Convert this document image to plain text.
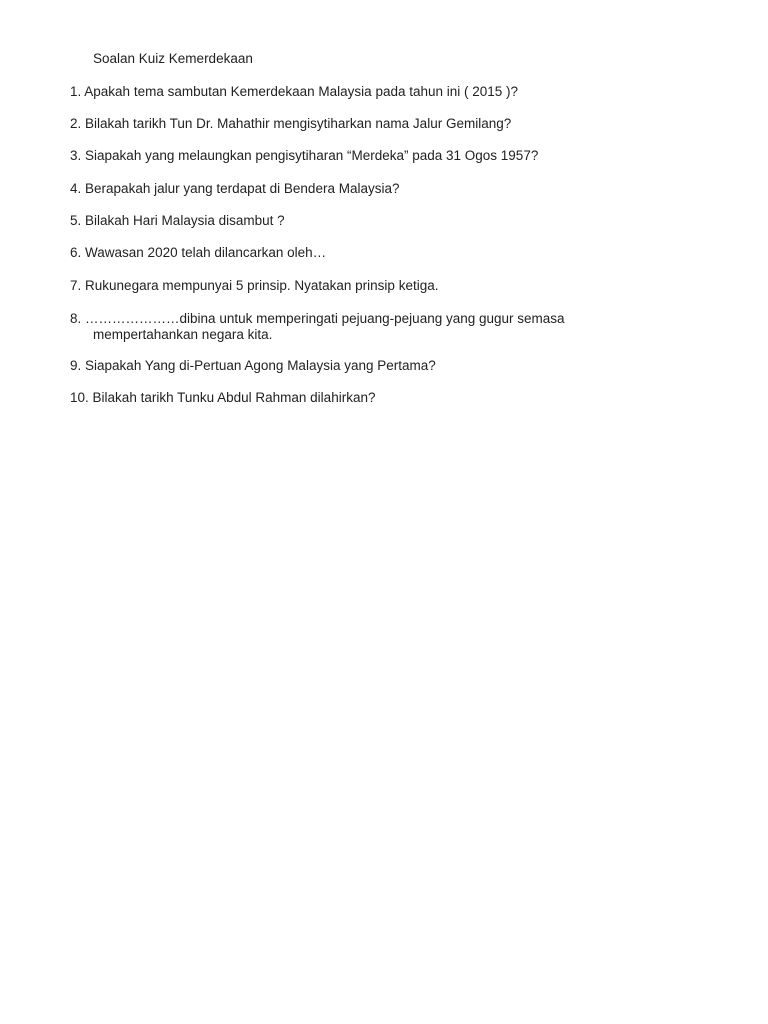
Soalan Kuiz Kemerdekaan
1. Apakah tema sambutan Kemerdekaan Malaysia pada tahun ini ( 2015 )?
2. Bilakah tarikh Tun Dr. Mahathir mengisytiharkan nama Jalur Gemilang?
3. Siapakah yang melaungkan pengisytiharan “Merdeka” pada 31 Ogos 1957?
4. Berapakah jalur yang terdapat di Bendera Malaysia?
5. Bilakah Hari Malaysia disambut ?
6. Wawasan 2020 telah dilancarkan oleh…
7. Rukunegara mempunyai 5 prinsip. Nyatakan prinsip ketiga.
8. …………………dibina untuk memperingati pejuang-pejuang yang gugur semasa
mempertahankan negara kita.
9. Siapakah Yang di-Pertuan Agong Malaysia yang Pertama?
10. Bilakah tarikh Tunku Abdul Rahman dilahirkan?
